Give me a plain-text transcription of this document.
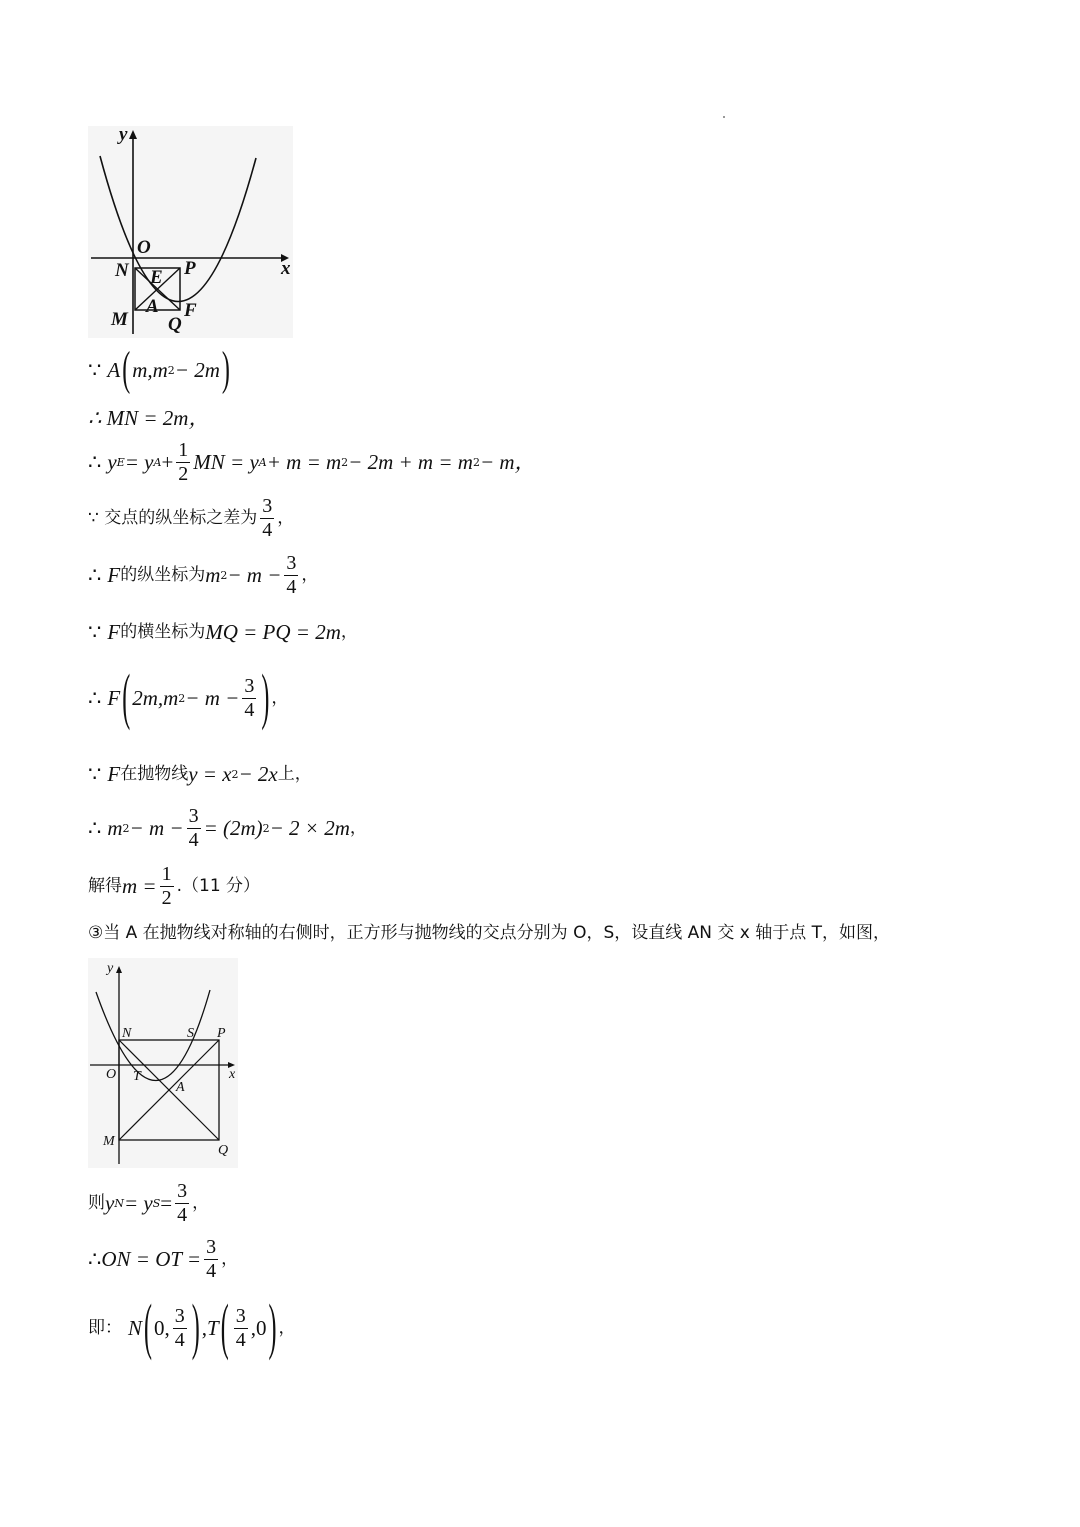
y
x
O
N E P
M
A
Q
F
∵ A ( m,m 2 − 2m )
∴ MN = 2m，
∴ y E = y $A + \frac{1}{2}$ MN = y A + m = m 2 − 2m + m = m 2 − m，
∵ 交点的纵坐标之差为 $\frac{3}{4}$ ，
∴ F 的纵坐标为 m $2 - m - \frac{3}{4}$ ，
∵ F 的横坐标为 MQ = PQ = 2m ，
∴ F ( 2m,m $2 - m - \frac{3}{4}$ ) ，
∵ F 在抛物线 y = x 2 − 2x 上，
∴ m $2 - m - \frac{3}{4} = (2m) 2 - 2 \times 2m$ ，
解得 $m = \frac{1}{2} .(11$ 分）
③当 A 在抛物线对称轴的右侧时，正方形与抛物线的交点分别为 O，S，设直线 AN 交 x 轴于点 T，如图，
y
x
N	S P
O T
A
M
Q
则 y N = y $S = \frac{3}{4}$ ，
∴ ON = OT = $\frac{3}{4}$ ，
即： N ( 0, $\frac{3}{4}$ ) , T ( $\frac{3}{4} ,0$ ) ，
